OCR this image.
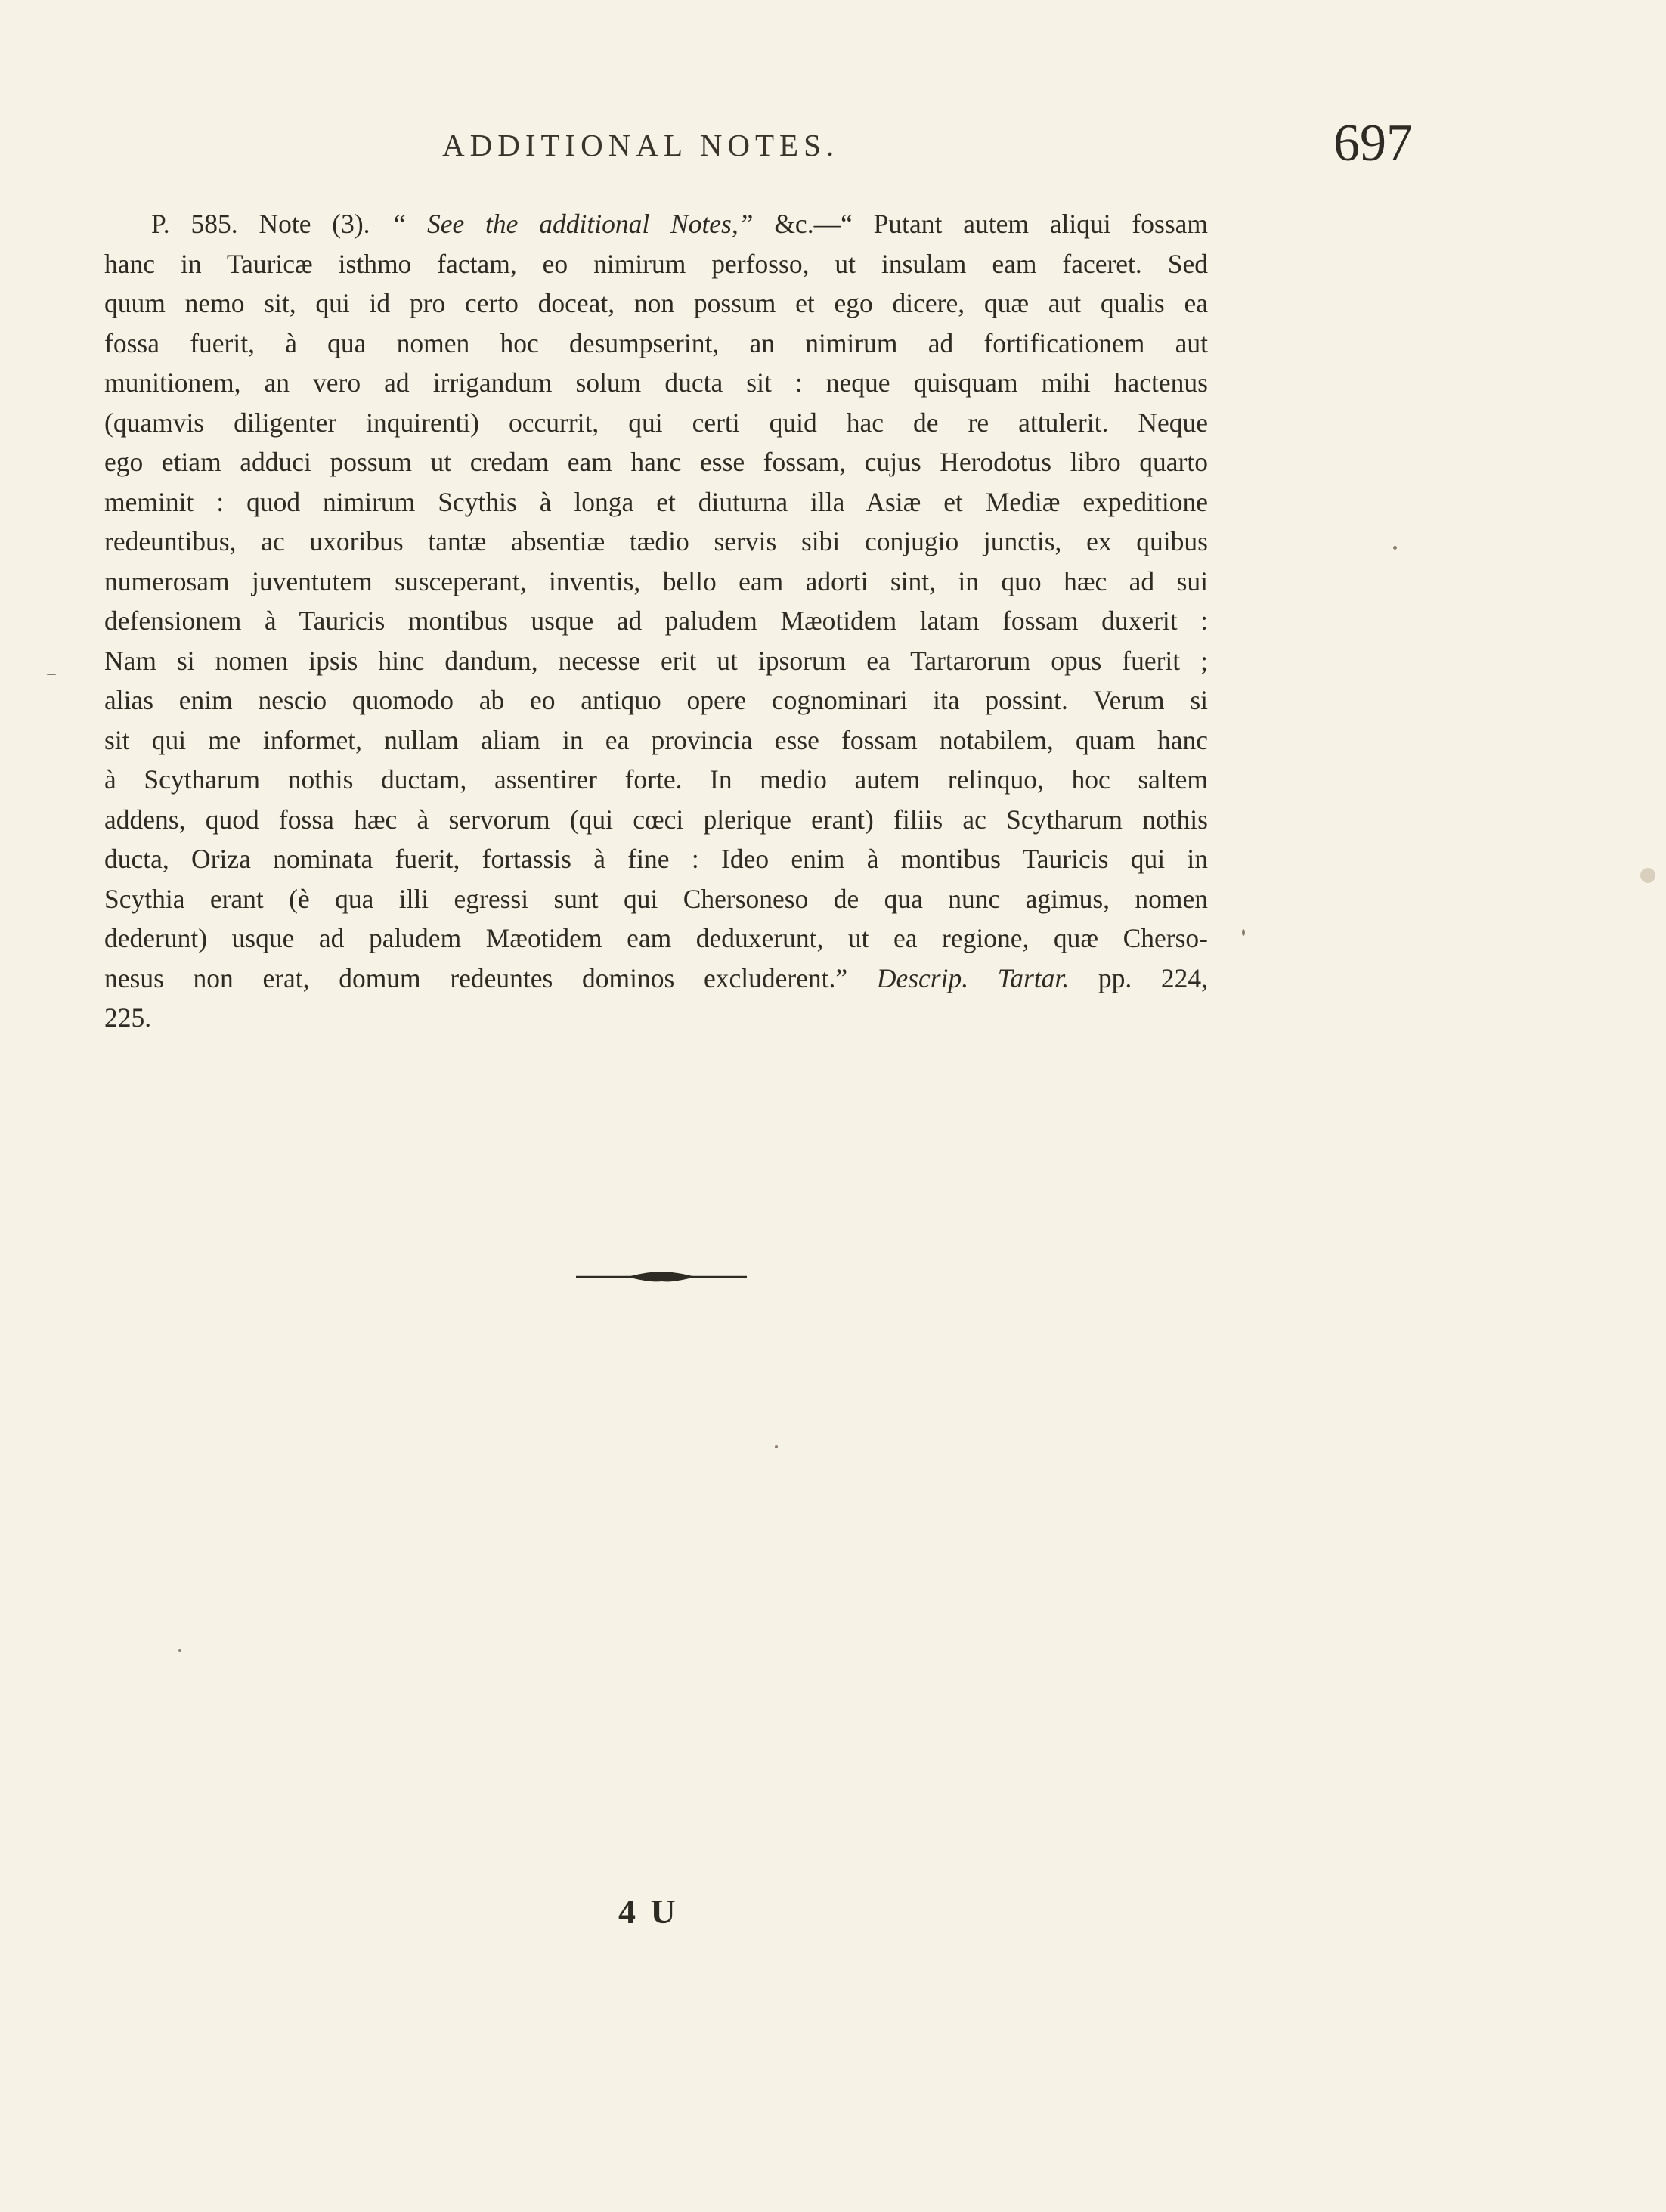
ADDITIONAL NOTES.	697
P. 585. Note (3). “ See the additional Notes,” &c.—“ Putant autem aliqui fossam
hanc in Tauricæ isthmo factam, eo nimirum perfosso, ut insulam eam faceret. Sed
quum nemo sit, qui id pro certo doceat, non possum et ego dicere, quæ aut qualis ea
fossa fuerit, à qua nomen hoc desumpserint, an nimirum ad fortificationem aut
munitionem, an vero ad irrigandum solum ducta sit : neque quisquam mihi hactenus
(quamvis diligenter inquirenti) occurrit, qui certi quid hac de re attulerit. Neque
ego etiam adduci possum ut credam eam hanc esse fossam, cujus Herodotus libro quarto
meminit : quod nimirum Scythis à longa et diuturna illa Asiæ et Mediæ expeditione
redeuntibus, ac uxoribus tantæ absentiæ tædio servis sibi conjugio junctis, ex quibus
numerosam juventutem susceperant, inventis, bello eam adorti sint, in quo hæc ad sui
defensionem à Tauricis montibus usque ad paludem Mæotidem latam fossam duxerit :
Nam si nomen ipsis hinc dandum, necesse erit ut ipsorum ea Tartarorum opus fuerit ;
alias enim nescio quomodo ab eo antiquo opere cognominari ita possint. Verum si
sit qui me informet, nullam aliam in ea provincia esse fossam notabilem, quam hanc
à Scytharum nothis ductam, assentirer forte. In medio autem relinquo, hoc saltem
addens, quod fossa hæc à servorum (qui cœci plerique erant) filiis ac Scytharum nothis
ducta, Oriza nominata fuerit, fortassis à fine : Ideo enim à montibus Tauricis qui in
Scythia erant (è qua illi egressi sunt qui Chersoneso de qua nunc agimus, nomen
dederunt) usque ad paludem Mæotidem eam deduxerunt, ut ea regione, quæ Cherso-
nesus non erat, domum redeuntes dominos excluderent.” Descrip. Tartar. pp. 224,
225.
4 U
